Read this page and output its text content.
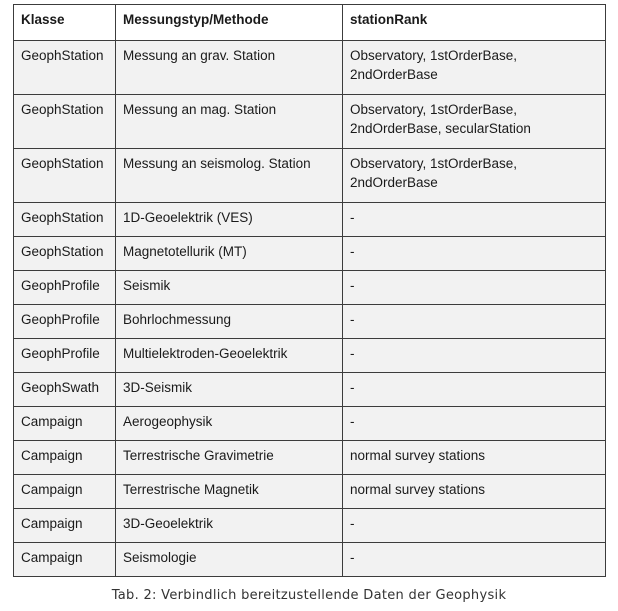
Klasse	Messungstyp/Methode	stationRank
GeophStation	Messung an grav. Station	Observatory, 1stOrderBase,
2ndOrderBase

GeophStation	Messung an mag. Station	Observatory, 1stOrderBase,
2ndOrderBase, secularStation

GeophStation	Messung an seismolog. Station	Observatory, 1stOrderBase,
2ndOrderBase

GeophStation	1D-Geoelektrik (VES)	-

GeophStation	Magnetotellurik (MT)	-

GeophProfile	Seismik	-

GeophProfile	Bohrlochmessung	-

GeophProfile	Multielektroden-Geoelektrik	-

GeophSwath	3D-Seismik	-

Campaign	Aerogeophysik	-

Campaign	Terrestrische Gravimetrie	normal survey stations

Campaign	Terrestrische Magnetik	normal survey stations

Campaign	3D-Geoelektrik	-

Campaign	Seismologie	-
Tab. 2: Verbindlich bereitzustellende Daten der Geophysik
